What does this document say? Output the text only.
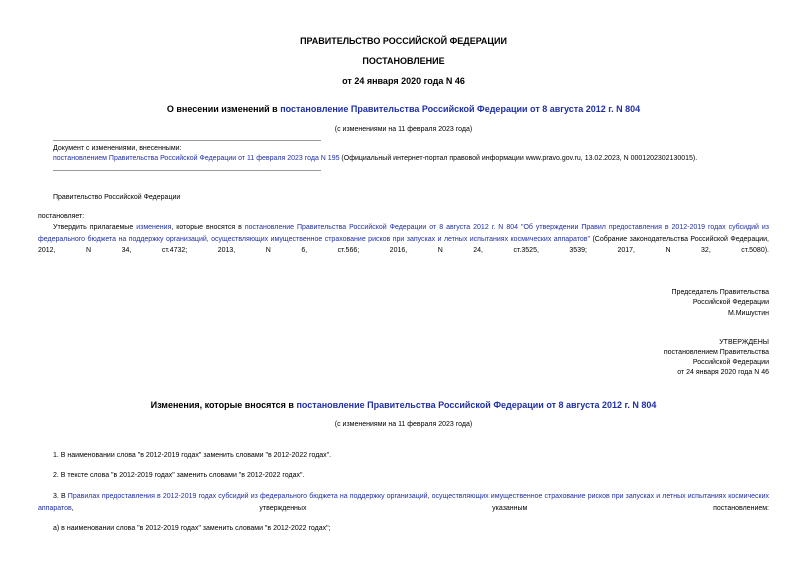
ПРАВИТЕЛЬСТВО РОССИЙСКОЙ ФЕДЕРАЦИИ
ПОСТАНОВЛЕНИЕ
от 24 января 2020 года N 46
О внесении изменений в постановление Правительства Российской Федерации от 8 августа 2012 г. N 804
(с изменениями на 11 февраля 2023 года)
Документ с изменениями, внесенными:
постановлением Правительства Российской Федерации от 11 февраля 2023 года N 195 (Официальный интернет-портал правовой информации www.pravo.gov.ru, 13.02.2023, N 0001202302130015).
Правительство Российской Федерации
постановляет:
Утвердить прилагаемые изменения, которые вносятся в постановление Правительства Российской Федерации от 8 августа 2012 г. N 804 "Об утверждении Правил предоставления в 2012-2019 годах субсидий из федерального бюджета на поддержку организаций, осуществляющих имущественное страхование рисков при запусках и летных испытаниях космических аппаратов" (Собрание законодательства Российской Федерации, 2012, N 34, ст.4732; 2013, N 6, ст.566; 2016, N 24, ст.3525, 3539; 2017, N 32, ст.5080).
Председатель Правительства
Российской Федерации
М.Мишустин
УТВЕРЖДЕНЫ
постановлением Правительства
Российской Федерации
от 24 января 2020 года N 46
Изменения, которые вносятся в постановление Правительства Российской Федерации от 8 августа 2012 г. N 804
(с изменениями на 11 февраля 2023 года)
1. В наименовании слова "в 2012-2019 годах" заменить словами "в 2012-2022 годах".
2. В тексте слова "в 2012-2019 годах" заменить словами "в 2012-2022 годах".
3. В Правилах предоставления в 2012-2019 годах субсидий из федерального бюджета на поддержку организаций, осуществляющих имущественное страхование рисков при запусках и летных испытаниях космических аппаратов, утвержденных указанным постановлением:
а) в наименовании слова "в 2012-2019 годах" заменить словами "в 2012-2022 годах";
